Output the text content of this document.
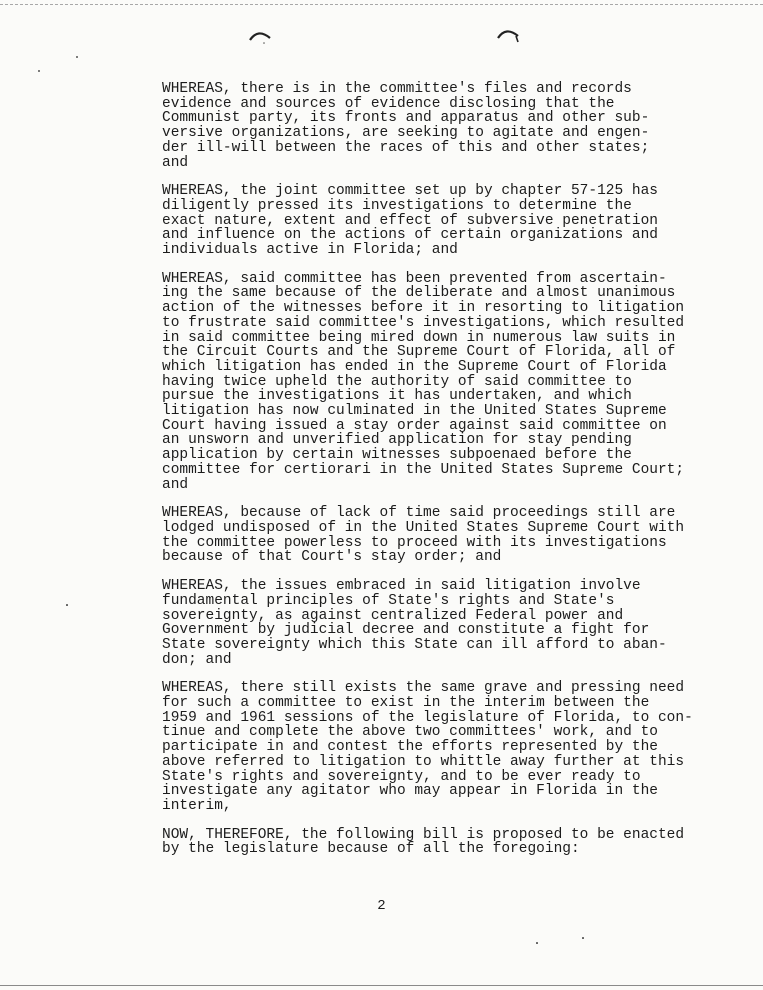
WHEREAS, there is in the committee's files and records
evidence and sources of evidence disclosing that the
Communist party, its fronts and apparatus and other sub-
versive organizations, are seeking to agitate and engen-
der ill-will between the races of this and other states;
and

WHEREAS, the joint committee set up by chapter 57-125 has
diligently pressed its investigations to determine the
exact nature, extent and effect of subversive penetration
and influence on the actions of certain organizations and
individuals active in Florida; and

WHEREAS, said committee has been prevented from ascertain-
ing the same because of the deliberate and almost unanimous
action of the witnesses before it in resorting to litigation
to frustrate said committee's investigations, which resulted
in said committee being mired down in numerous law suits in
the Circuit Courts and the Supreme Court of Florida, all of
which litigation has ended in the Supreme Court of Florida
having twice upheld the authority of said committee to
pursue the investigations it has undertaken, and which
litigation has now culminated in the United States Supreme
Court having issued a stay order against said committee on
an unsworn and unverified application for stay pending
application by certain witnesses subpoenaed before the
committee for certiorari in the United States Supreme Court;
and

WHEREAS, because of lack of time said proceedings still are
lodged undisposed of in the United States Supreme Court with
the committee powerless to proceed with its investigations
because of that Court's stay order; and

WHEREAS, the issues embraced in said litigation involve
fundamental principles of State's rights and State's
sovereignty, as against centralized Federal power and
Government by judicial decree and constitute a fight for
State sovereignty which this State can ill afford to aban-
don; and

WHEREAS, there still exists the same grave and pressing need
for such a committee to exist in the interim between the
1959 and 1961 sessions of the legislature of Florida, to con-
tinue and complete the above two committees' work, and to
participate in and contest the efforts represented by the
above referred to litigation to whittle away further at this
State's rights and sovereignty, and to be ever ready to
investigate any agitator who may appear in Florida in the
interim,

NOW, THEREFORE, the following bill is proposed to be enacted
by the legislature because of all the foregoing:

2
